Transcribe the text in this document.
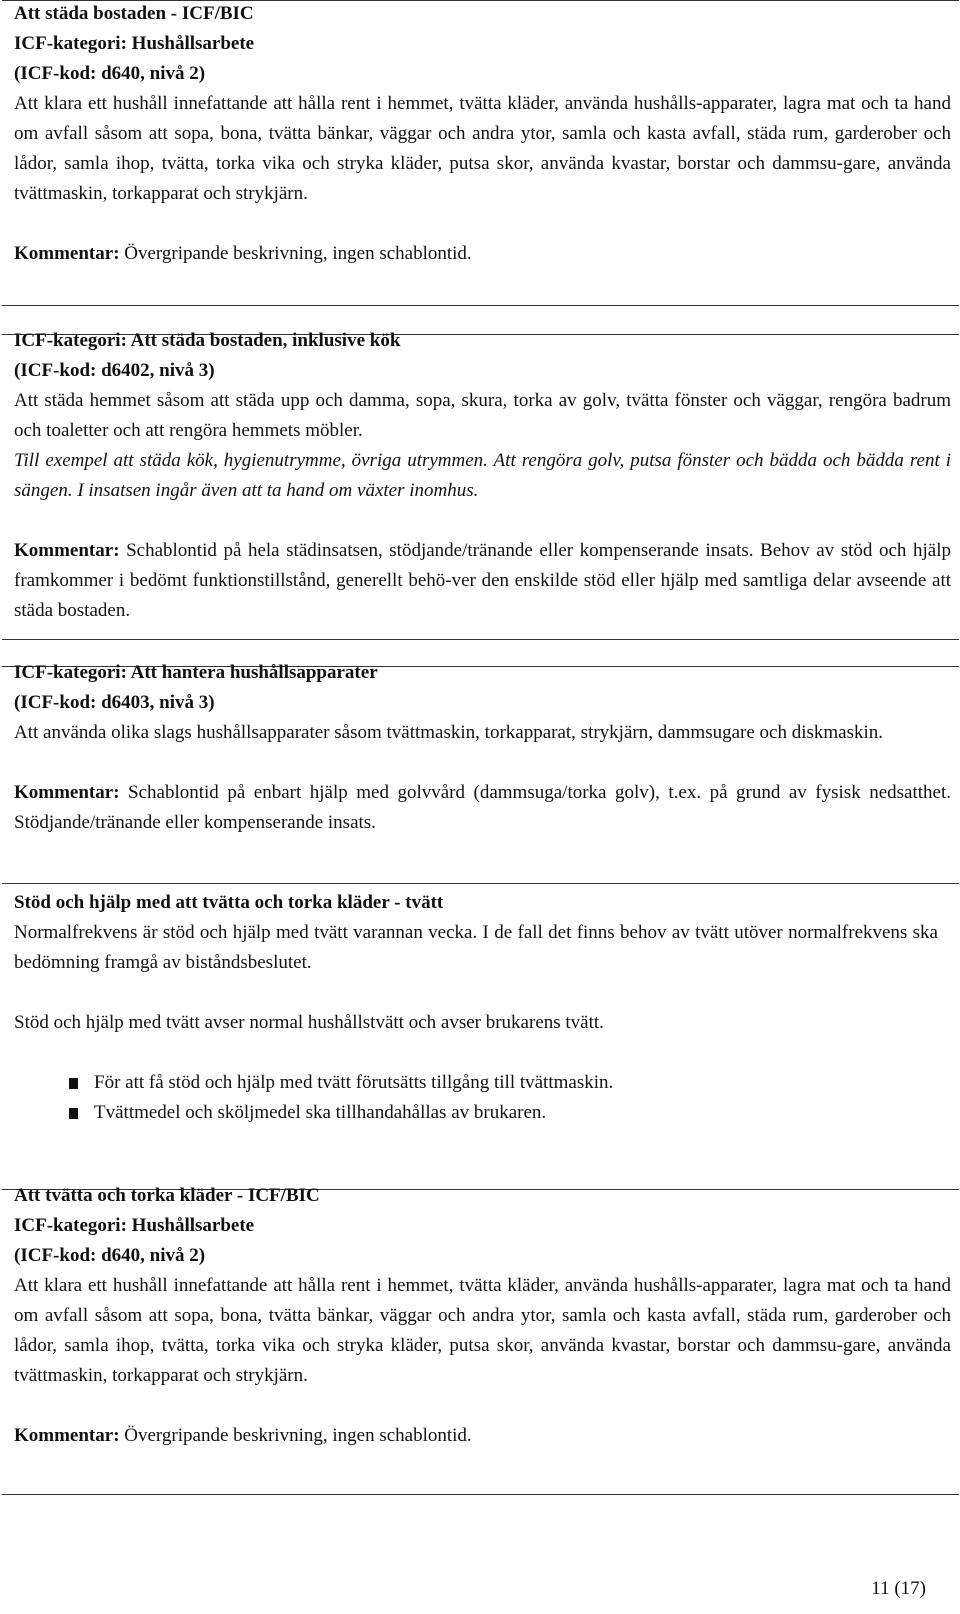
Att städa bostaden - ICF/BIC

ICF-kategori: Hushållsarbete

(ICF-kod: d640, nivå 2)

Att klara ett hushåll innefattande att hålla rent i hemmet, tvätta kläder, använda hushålls-apparater, lagra mat och ta hand om avfall såsom att sopa, bona, tvätta bänkar, väggar och andra ytor, samla och kasta avfall, städa rum, garderober och lådor, samla ihop, tvätta, torka vika och stryka kläder, putsa skor, använda kvastar, borstar och dammsu-gare, använda tvättmaskin, torkapparat och strykjärn.

Kommentar: Övergripande beskrivning, ingen schablontid.

ICF-kategori: Att städa bostaden, inklusive kök

(ICF-kod: d6402, nivå 3)

Att städa hemmet såsom att städa upp och damma, sopa, skura, torka av golv, tvätta fönster och väggar, rengöra badrum och toaletter och att rengöra hemmets möbler.

Till exempel att städa kök, hygienutrymme, övriga utrymmen. Att rengöra golv, putsa fönster och bädda och bädda rent i sängen. I insatsen ingår även att ta hand om växter inomhus.

Kommentar: Schablontid på hela städinsatsen, stödjande/tränande eller kompenserande insats. Behov av stöd och hjälp framkommer i bedömt funktionstillstånd, generellt behö-ver den enskilde stöd eller hjälp med samtliga delar avseende att städa bostaden.

ICF-kategori: Att hantera hushållsapparater

(ICF-kod: d6403, nivå 3)

Att använda olika slags hushållsapparater såsom tvättmaskin, torkapparat, strykjärn, dammsugare och diskmaskin.

Kommentar: Schablontid på enbart hjälp med golvvård (dammsuga/torka golv), t.ex. på grund av fysisk nedsatthet. Stödjande/tränande eller kompenserande insats.

Stöd och hjälp med att tvätta och torka kläder - tvätt

Normalfrekvens är stöd och hjälp med tvätt varannan vecka. I de fall det finns behov av tvätt utöver normalfrekvens ska bedömning framgå av biståndsbeslutet.

Stöd och hjälp med tvätt avser normal hushållstvätt och avser brukarens tvätt.

För att få stöd och hjälp med tvätt förutsätts tillgång till tvättmaskin.
Tvättmedel och sköljmedel ska tillhandahållas av brukaren.

Att tvätta och torka kläder - ICF/BIC

ICF-kategori: Hushållsarbete

(ICF-kod: d640, nivå 2)

Att klara ett hushåll innefattande att hålla rent i hemmet, tvätta kläder, använda hushålls-apparater, lagra mat och ta hand om avfall såsom att sopa, bona, tvätta bänkar, väggar och andra ytor, samla och kasta avfall, städa rum, garderober och lådor, samla ihop, tvätta, torka vika och stryka kläder, putsa skor, använda kvastar, borstar och dammsu-gare, använda tvättmaskin, torkapparat och strykjärn.

Kommentar: Övergripande beskrivning, ingen schablontid.

11 (17)
